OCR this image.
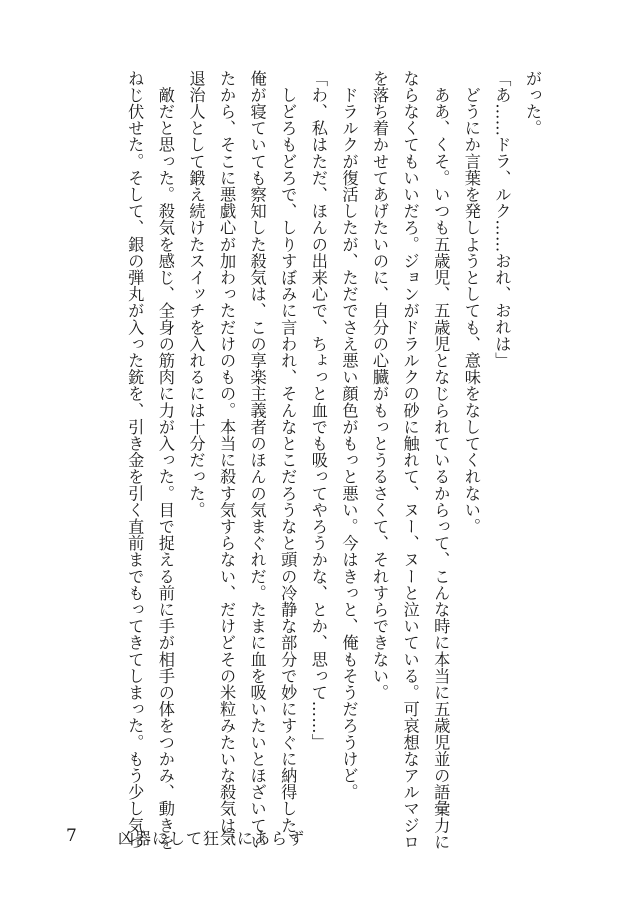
がった。

「あ……ドラ、ルク……おれ、おれは」

　どうにか言葉を発しようとしても、意味をなしてくれない。

　ああ、くそ。いつも五歳児、五歳児となじられているからって、こんな時に本当に五歳児並の語彙力に

ならなくてもいいだろ。ジョンがドラルクの砂に触れて、ヌー、ヌーと泣いている。可哀想なアルマジロ

を落ち着かせてあげたいのに、自分の心臓がもっとうるさくて、それすらできない。

　ドラルクが復活したが、ただでさえ悪い顔色がもっと悪い。今はきっと、俺もそうだろうけど。

「わ、私はただ、ほんの出来心で、ちょっと血でも吸ってやろうかな、とか、思って……」

　しどろもどろで、しりすぼみに言われ、そんなとこだろうなと頭の冷静な部分で妙にすぐに納得した。

俺が寝ていても察知した殺気は、この享楽主義者のほんの気まぐれだ。たまに血を吸いたいとほざいてい

たから、そこに悪戯心が加わっただけのもの。本当に殺す気すらない、だけどその米粒みたいな殺気は、

退治人として鍛え続けたスイッチを入れるには十分だった。

　敵だと思った。殺気を感じ、全身の筋肉に力が入った。目で捉える前に手が相手の体をつかみ、動きを

ねじ伏せた。そして、銀の弾丸が入った銃を、引き金を引く直前までもってきてしまった。もう少し気づ

7	凶器にして狂気にあらず
